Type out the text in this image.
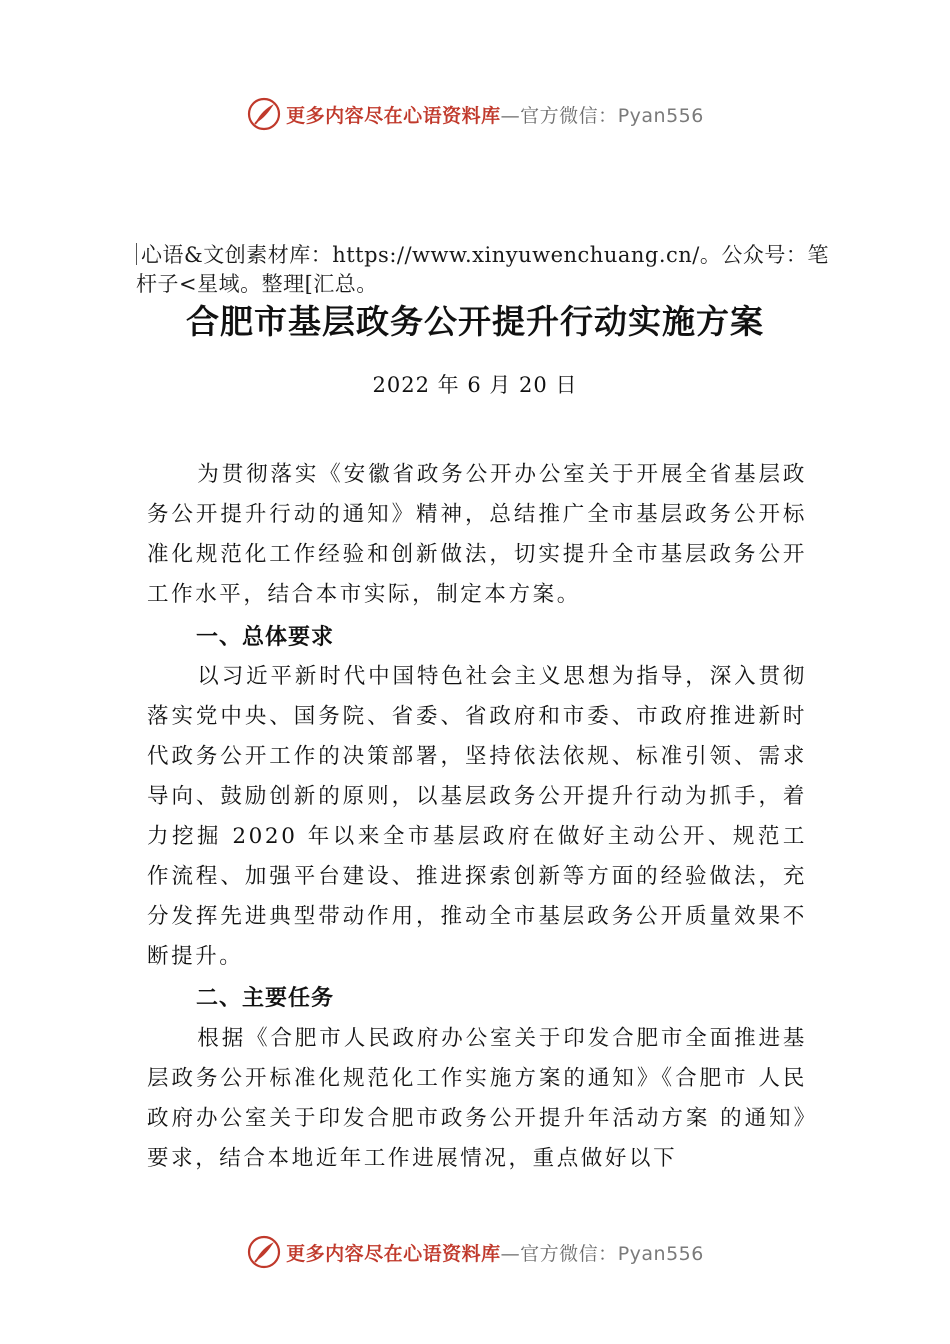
更多内容尽在心语资料库—官方微信：Pyan556
心语&文创素材库：https://www.xinyuwenchuang.cn/。公众号：笔杆子<星域。整理[汇总。
合肥市基层政务公开提升行动实施方案
2022 年 6 月 20 日

为贯彻落实《安徽省政务公开办公室关于开展全省基层政务公开提升行动的通知》精神，总结推广全市基层政务公开标准化规范化工作经验和创新做法，切实提升全市基层政务公开工作水平，结合本市实际，制定本方案。

一、总体要求

以习近平新时代中国特色社会主义思想为指导，深入贯彻落实党中央、国务院、省委、省政府和市委、市政府推进新时代政务公开工作的决策部署，坚持依法依规、标准引领、需求导向、鼓励创新的原则，以基层政务公开提升行动为抓手，着力挖掘 2020 年以来全市基层政府在做好主动公开、规范工作流程、加强平台建设、推进探索创新等方面的经验做法，充分发挥先进典型带动作用，推动全市基层政务公开质量效果不断提升。

二、主要任务

根据《合肥市人民政府办公室关于印发合肥市全面推进基层政务公开标准化规范化工作实施方案的通知》《合肥市 人民政府办公室关于印发合肥市政务公开提升年活动方案 的通知》要求，结合本地近年工作进展情况，重点做好以下

更多内容尽在心语资料库—官方微信：Pyan556
